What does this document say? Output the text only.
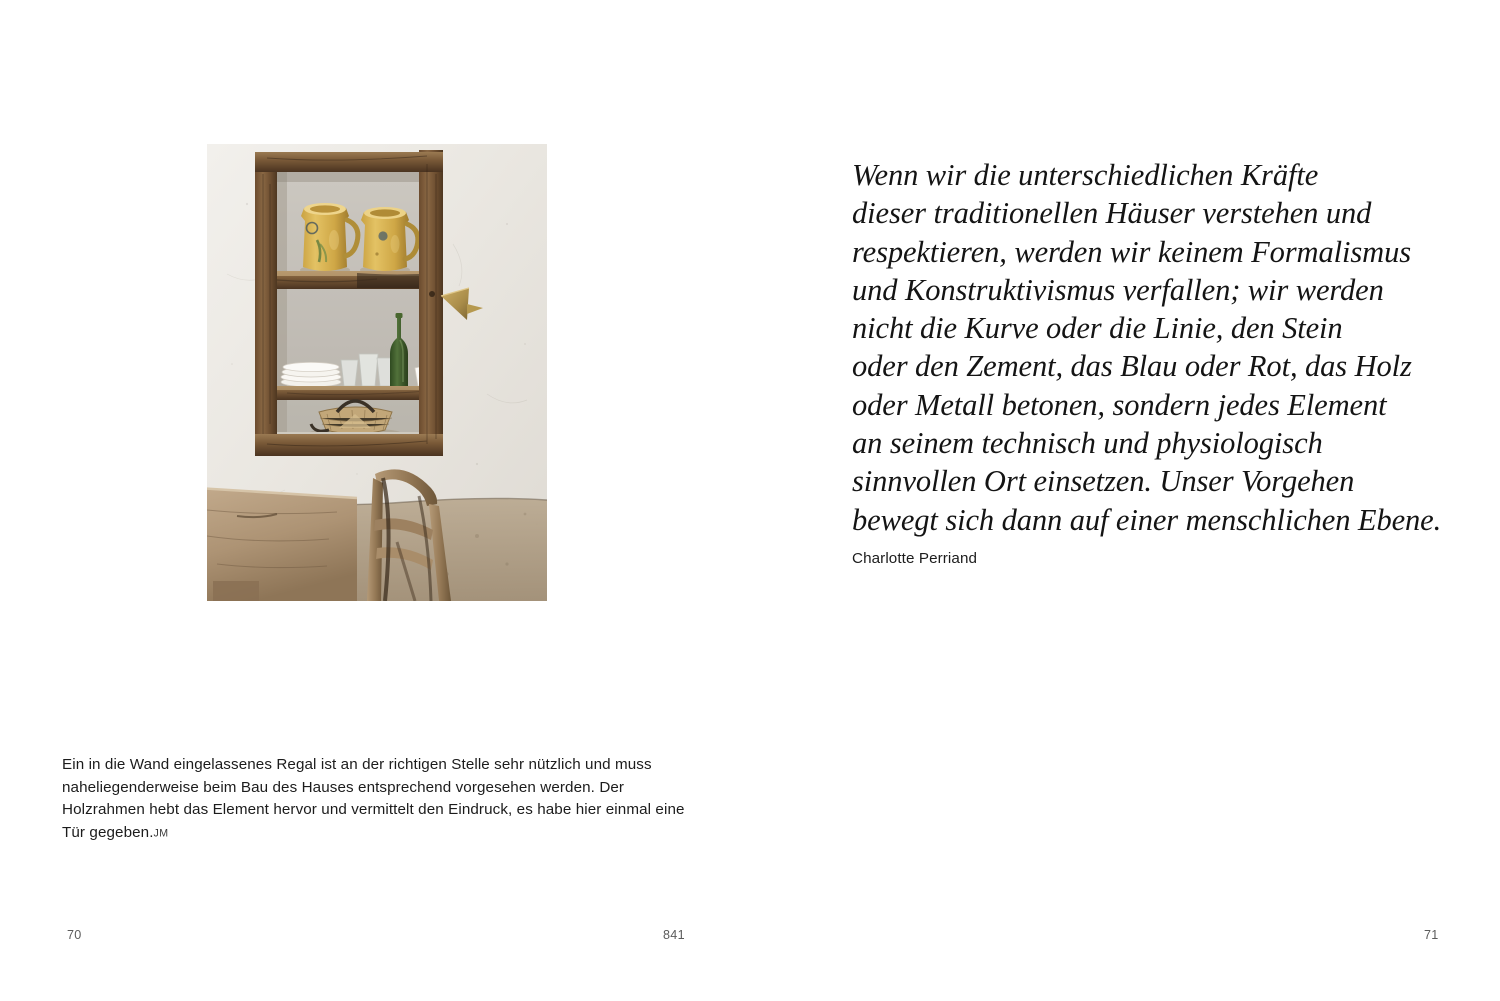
Ein in die Wand eingelassenes Regal ist an der richtigen Stelle sehr nützlich und muss naheliegenderweise beim Bau des Hauses entsprechend vorgesehen werden. Der Holzrahmen hebt das Element hervor und vermittelt den Eindruck, es habe hier einmal eine Tür gegeben.JM
70	841
Wenn wir die unterschiedlichen Kräfte
dieser traditionellen Häuser verstehen und
respektieren, werden wir keinem Formalismus
und Konstruktivismus verfallen; wir werden
nicht die Kurve oder die Linie, den Stein
oder den Zement, das Blau oder Rot, das Holz
oder Metall betonen, sondern jedes Element
an seinem technisch und physiologisch
sinnvollen Ort einsetzen. Unser Vorgehen
bewegt sich dann auf einer menschlichen Ebene.
Charlotte Perriand
71
